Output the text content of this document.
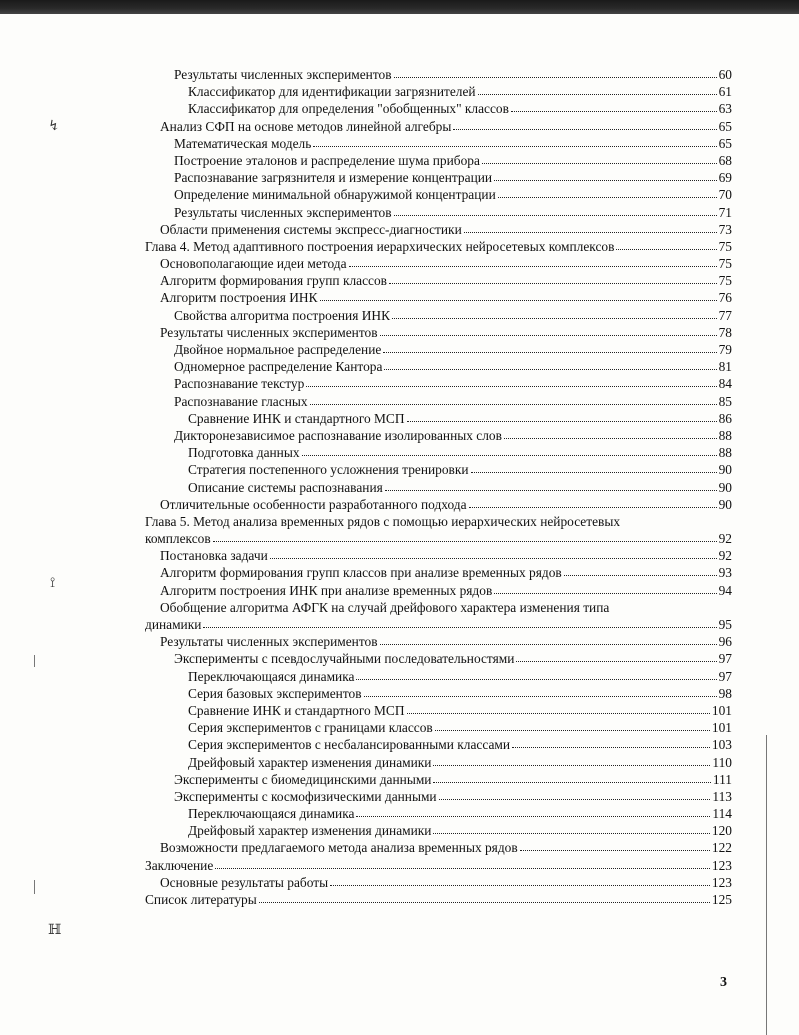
↯
⟟
ℍ
Результаты численных экспериментов	60
Классификатор для идентификации загрязнителей	61
Классификатор для определения "обобщенных" классов	63
Анализ СФП на основе методов линейной алгебры	65
Математическая модель	65
Построение эталонов и распределение шума прибора	68
Распознавание загрязнителя и измерение концентрации	69
Определение минимальной обнаружимой концентрации	70
Результаты численных экспериментов	71
Области применения системы экспресс-диагностики	73
Глава 4. Метод адаптивного построения иерархических нейросетевых комплексов	75
Основополагающие идеи метода	75
Алгоритм формирования групп классов	75
Алгоритм построения ИНК	76
Свойства алгоритма построения ИНК	77
Результаты численных экспериментов	78
Двойное нормальное распределение	79
Одномерное распределение Кантора	81
Распознавание текстур	84
Распознавание гласных	85
Сравнение ИНК и стандартного МСП	86
Дикторонезависимое распознавание изолированных слов	88
Подготовка данных	88
Стратегия постепенного усложнения тренировки	90
Описание системы распознавания	90
Отличительные особенности разработанного подхода	90
Глава 5. Метод анализа временных рядов с помощью иерархических нейросетевых
комплексов	92
Постановка задачи	92
Алгоритм формирования групп классов при анализе временных рядов	93
Алгоритм построения ИНК при анализе временных рядов	94
Обобщение алгоритма АФГК на случай дрейфового характера изменения типа
динамики	95
Результаты численных экспериментов	96
Эксперименты с псевдослучайными последовательностями	97
Переключающаяся динамика	97
Серия базовых экспериментов	98
Сравнение ИНК и стандартного МСП	101
Серия экспериментов с границами классов	101
Серия экспериментов с несбалансированными классами	103
Дрейфовый характер изменения динамики	110
Эксперименты с биомедицинскими данными	111
Эксперименты с космофизическими данными	113
Переключающаяся динамика	114
Дрейфовый характер изменения динамики	120
Возможности предлагаемого метода анализа временных рядов	122
Заключение	123
Основные результаты работы	123
Список литературы	125
3
